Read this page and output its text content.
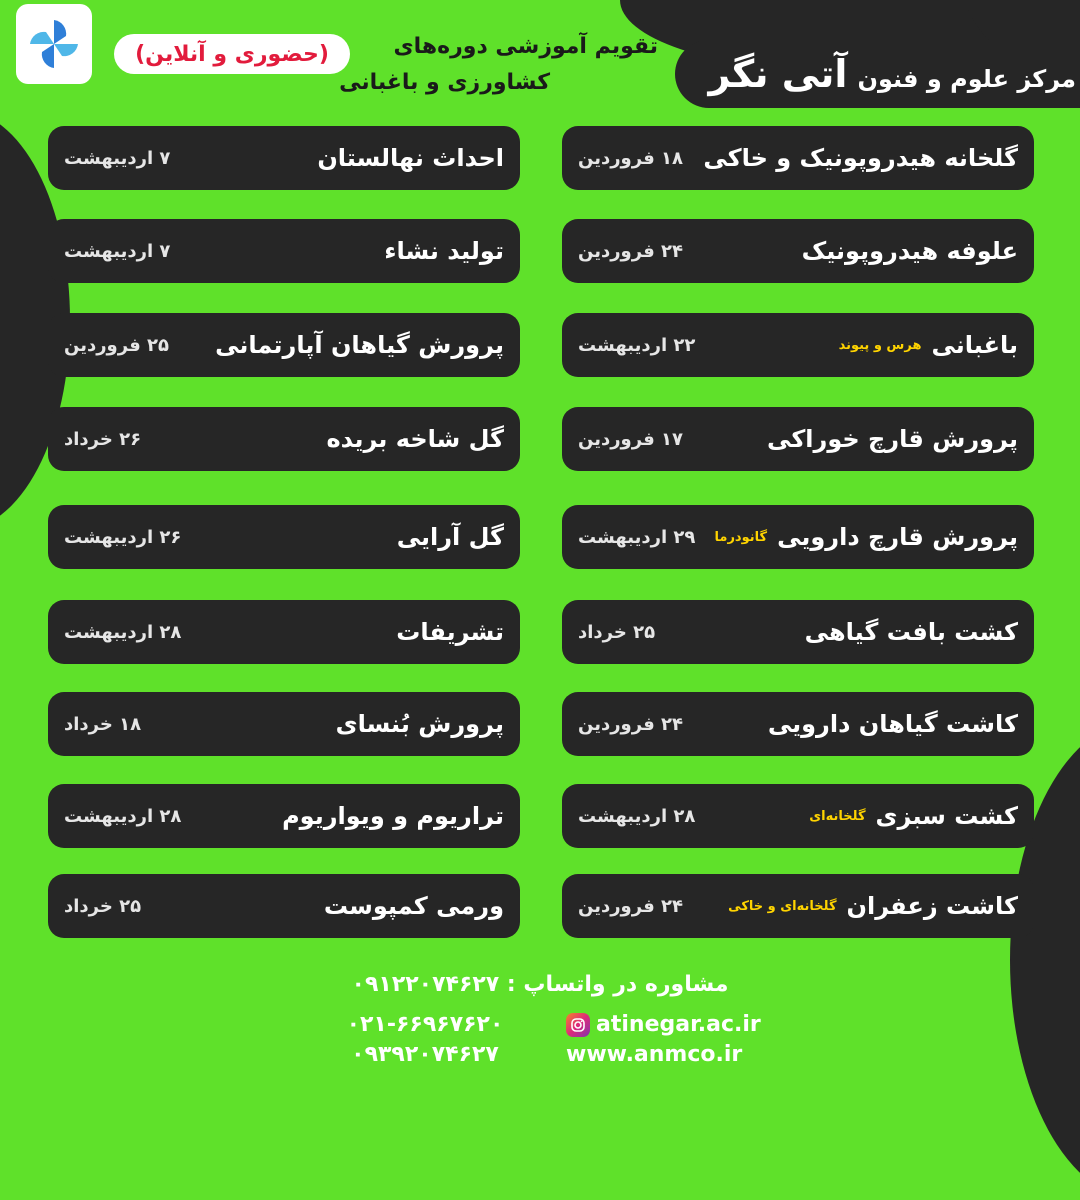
مرکز علوم و فنون
آتی نگر
تقویم آموزشی دوره‌های
کشاورزی و باغبانی
(حضوری و آنلاین)
گلخانه هیدروپونیک و خاکی
۱۸ فروردین
علوفه هیدروپونیک
۲۴ فروردین
باغبانی
هرس و پیوند
۲۲ اردیبهشت
پرورش قارچ خوراکی
۱۷ فروردین
پرورش قارچ دارویی
گانودرما
۲۹ اردیبهشت
کشت بافت گیاهی
۲۵ خرداد
کاشت گیاهان دارویی
۲۴ فروردین
کشت سبزی
گلخانه‌ای
۲۸ اردیبهشت
کاشت زعفران
گلخانه‌ای و خاکی
۲۴ فروردین
احداث نهالستان
۷ اردیبهشت
تولید نشاء
۷ اردیبهشت
پرورش گیاهان آپارتمانی
۲۵ فروردین
گل شاخه بریده
۲۶ خرداد
گل آرایی
۲۶ اردیبهشت
تشریفات
۲۸ اردیبهشت
پرورش بُنسای
۱۸ خرداد
تراریوم و ویواریوم
۲۸ اردیبهشت
ورمی کمپوست
۲۵ خرداد
مشاوره در واتساپ : ۰۹۱۲۲۰۷۴۶۲۷
۰۲۱-۶۶۹۶۷۶۲۰
۰۹۳۹۲۰۷۴۶۲۷
atinegar.ac.ir
www.anmco.ir
